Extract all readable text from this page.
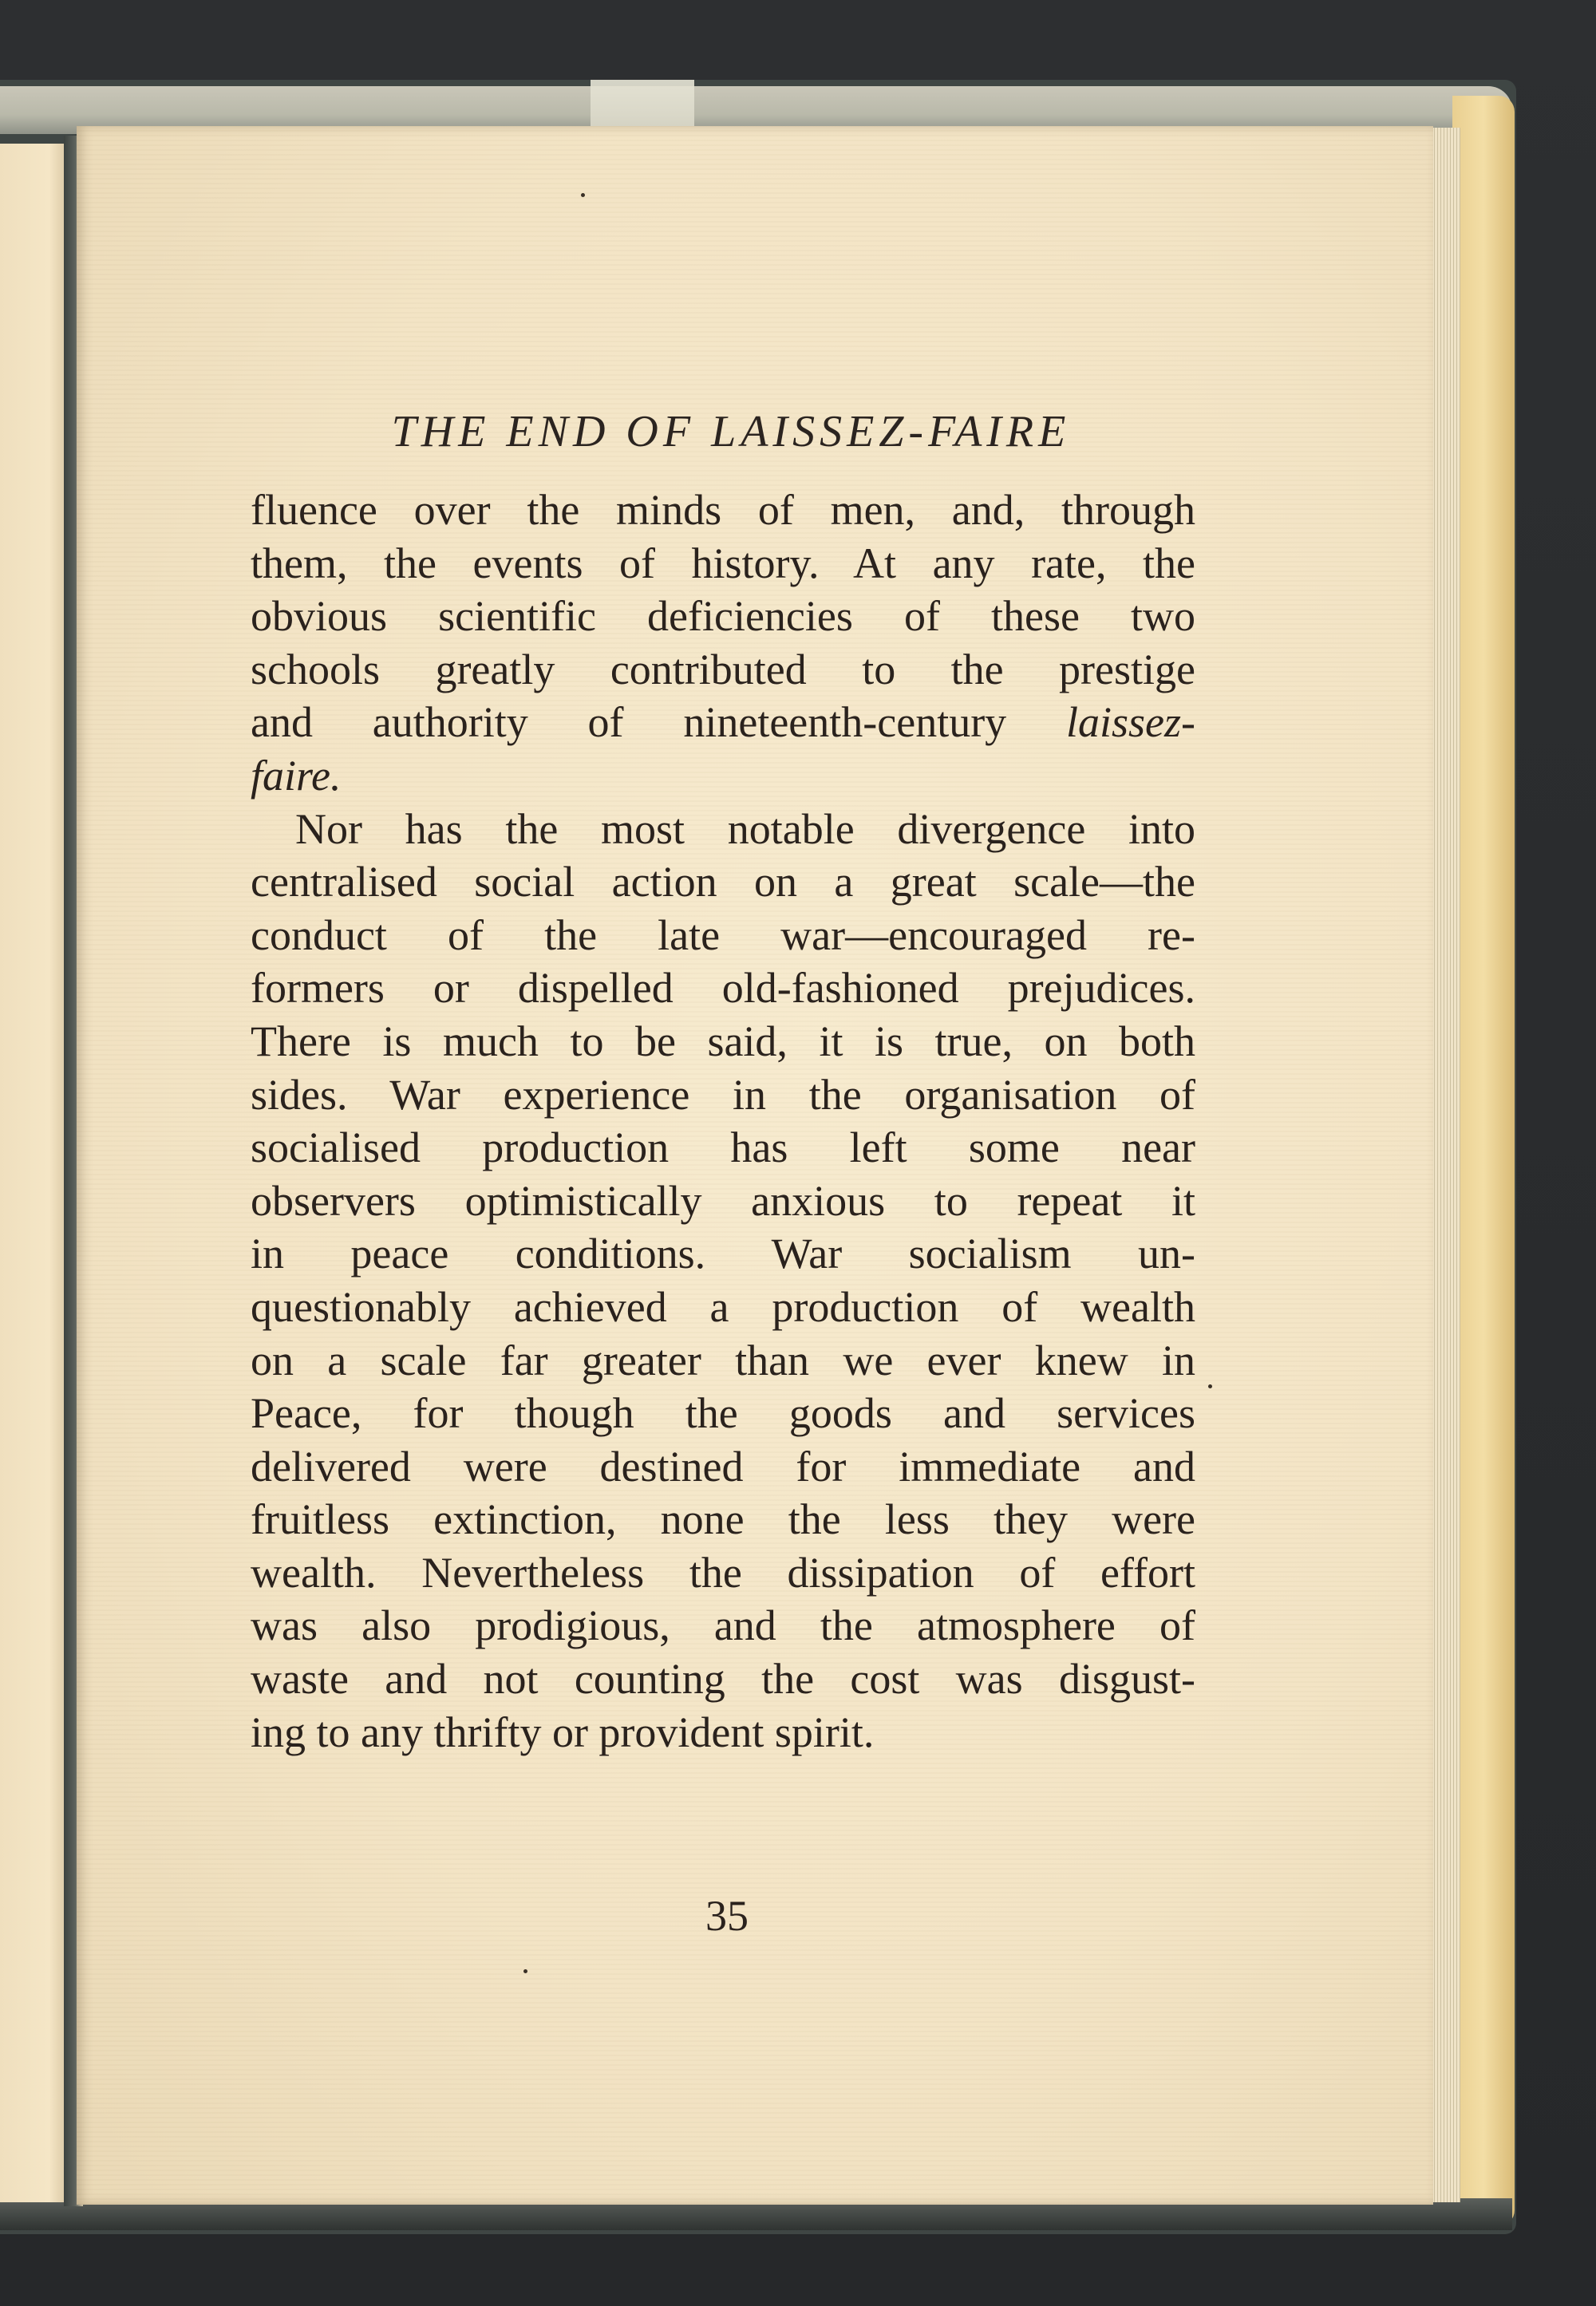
THE END OF LAISSEZ-FAIRE
fluence over the minds of men, and, through
them, the events of history. At any rate, the
obvious scientific deficiencies of these two
schools greatly contributed to the prestige
and authority of nineteenth-century laissez-
faire.
Nor has the most notable divergence into
centralised social action on a great scale—the
conduct of the late war—encouraged re-
formers or dispelled old-fashioned prejudices.
There is much to be said, it is true, on both
sides. War experience in the organisation of
socialised production has left some near
observers optimistically anxious to repeat it
in peace conditions. War socialism un-
questionably achieved a production of wealth
on a scale far greater than we ever knew in
Peace, for though the goods and services
delivered were destined for immediate and
fruitless extinction, none the less they were
wealth. Nevertheless the dissipation of effort
was also prodigious, and the atmosphere of
waste and not counting the cost was disgust-
ing to any thrifty or provident spirit.
35
